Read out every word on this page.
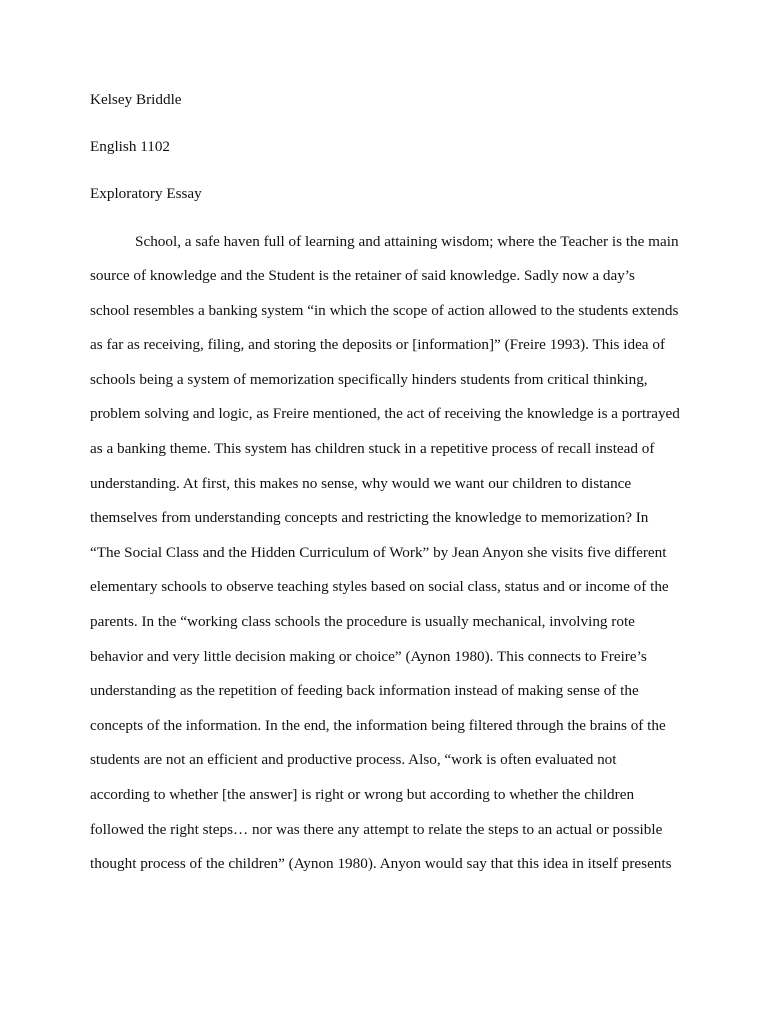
Kelsey Briddle
English 1102
Exploratory Essay
School, a safe haven full of learning and attaining wisdom; where the Teacher is the main
source of knowledge and the Student is the retainer of said knowledge. Sadly now a day’s
school resembles a banking system “in which the scope of action allowed to the students extends
as far as receiving, filing, and storing the deposits or [information]” (Freire 1993). This idea of
schools being a system of memorization specifically hinders students from critical thinking,
problem solving and logic, as Freire mentioned, the act of receiving the knowledge is a portrayed
as a banking theme. This system has children stuck in a repetitive process of recall instead of
understanding. At first, this makes no sense, why would we want our children to distance
themselves from understanding concepts and restricting the knowledge to memorization? In
“The Social Class and the Hidden Curriculum of Work” by Jean Anyon she visits five different
elementary schools to observe teaching styles based on social class, status and or income of the
parents. In the “working class schools the procedure is usually mechanical, involving rote
behavior and very little decision making or choice” (Aynon 1980). This connects to Freire’s
understanding as the repetition of feeding back information instead of making sense of the
concepts of the information. In the end, the information being filtered through the brains of the
students are not an efficient and productive process. Also, “work is often evaluated not
according to whether [the answer] is right or wrong but according to whether the children
followed the right steps… nor was there any attempt to relate the steps to an actual or possible
thought process of the children” (Aynon 1980). Anyon would say that this idea in itself presents
